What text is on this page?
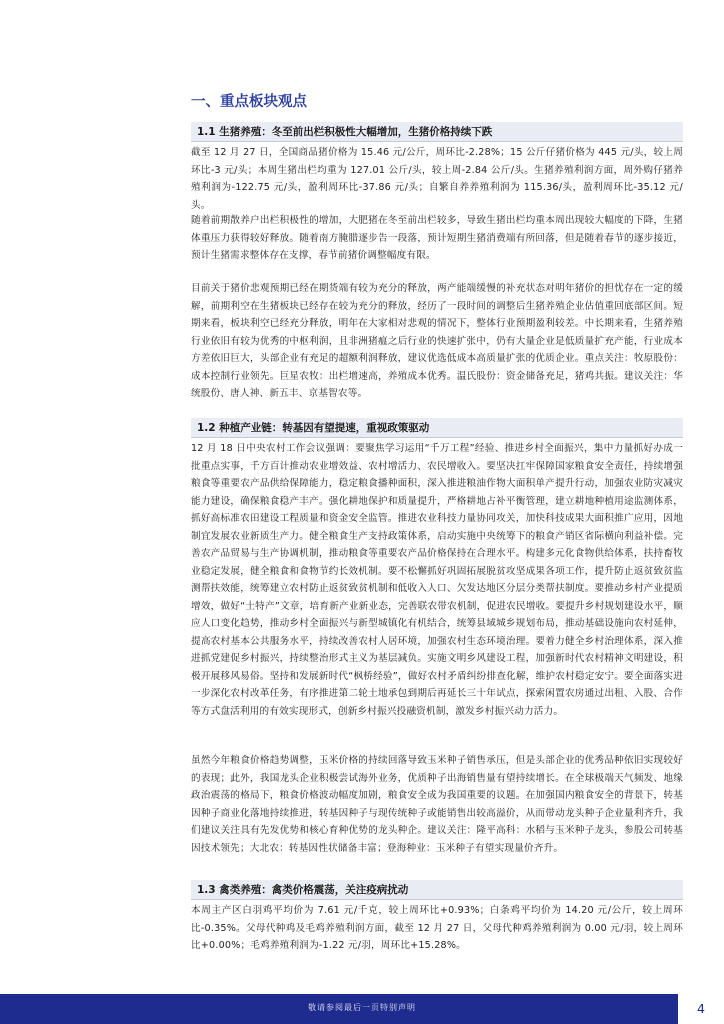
一、重点板块观点
1.1 生猪养殖：冬至前出栏积极性大幅增加，生猪价格持续下跌

截至 12 月 27 日，全国商品猪价格为 15.46 元/公斤，周环比-2.28%；15 公斤仔猪价格为 445 元/头，较上周环比-3 元/头；本周生猪出栏均重为 127.01 公斤/头，较上周-2.84 公斤/头。生猪养殖利润方面，周外购仔猪养殖利润为-122.75 元/头，盈利周环比-37.86 元/头；自繁自养养殖利润为 115.36/头，盈利周环比-35.12 元/头。

随着前期散养户出栏积极性的增加，大肥猪在冬至前出栏较多，导致生猪出栏均重本周出现较大幅度的下降，生猪体重压力获得较好释放。随着南方腌腊逐步告一段落，预计短期生猪消费端有所回落，但是随着春节的逐步接近，预计生猪需求整体存在支撑，春节前猪价调整幅度有限。

目前关于猪价悲观预期已经在期货端有较为充分的释放，两产能端缓慢的补充状态对明年猪价的担忧存在一定的缓解，前期利空在生猪板块已经存在较为充分的释放，经历了一段时间的调整后生猪养殖企业估值重回底部区间。短期来看，板块利空已经充分释放，明年在大家相对悲观的情况下，整体行业预期盈利较差。中长期来看，生猪养殖行业依旧有较为优秀的中枢利润，且非洲猪瘟之后行业的快速扩张中，仍有大量企业是低质量扩充产能，行业成本方差依旧巨大，头部企业有充足的超额利润释放，建议优选低成本高质量扩张的优质企业。重点关注：牧原股份：成本控制行业领先。巨星农牧：出栏增速高，养殖成本优秀。温氏股份：资金储备充足，猪鸡共振。建议关注：华统股份、唐人神、新五丰、京基智农等。

1.2 种植产业链：转基因有望提速，重视政策驱动

12 月 18 日中央农村工作会议强调：要聚焦学习运用“千万工程”经验、推进乡村全面振兴，集中力量抓好办成一批重点实事，千方百计推动农业增效益、农村增活力、农民增收入。要坚决扛牢保障国家粮食安全责任，持续增强粮食等重要农产品供给保障能力，稳定粮食播种面积，深入推进粮油作物大面积单产提升行动，加强农业防灾减灾能力建设，确保粮食稳产丰产。强化耕地保护和质量提升，严格耕地占补平衡管理，建立耕地种植用途监测体系，抓好高标准农田建设工程质量和资金安全监管。推进农业科技力量协同攻关，加快科技成果大面积推广应用，因地制宜发展农业新质生产力。健全粮食生产支持政策体系，启动实施中央统筹下的粮食产销区省际横向利益补偿。完善农产品贸易与生产协调机制，推动粮食等重要农产品价格保持在合理水平。构建多元化食物供给体系，扶持畜牧业稳定发展，健全粮食和食物节约长效机制。要不松懈抓好巩固拓展脱贫攻坚成果各项工作，提升防止返贫致贫监测帮扶效能，统筹建立农村防止返贫致贫机制和低收入人口、欠发达地区分层分类帮扶制度。要推动乡村产业提质增效，做好“土特产”文章，培育新产业新业态，完善联农带农机制，促进农民增收。要提升乡村规划建设水平，顺应人口变化趋势，推动乡村全面振兴与新型城镇化有机结合，统筹县域城乡规划布局，推动基础设施向农村延伸，提高农村基本公共服务水平，持续改善农村人居环境，加强农村生态环境治理。要着力健全乡村治理体系，深入推进抓党建促乡村振兴，持续整治形式主义为基层减负。实施文明乡风建设工程，加强新时代农村精神文明建设，积极开展移风易俗。坚持和发展新时代“枫桥经验”，做好农村矛盾纠纷排查化解，维护农村稳定安宁。要全面落实进一步深化农村改革任务，有序推进第二轮土地承包到期后再延长三十年试点，探索闲置农房通过出租、入股、合作等方式盘活利用的有效实现形式，创新乡村振兴投融资机制，激发乡村振兴动力活力。

虽然今年粮食价格趋势调整，玉米价格的持续回落导致玉米种子销售承压，但是头部企业的优秀品种依旧实现较好的表现；此外，我国龙头企业积极尝试海外业务，优质种子出海销售量有望持续增长。在全球极端天气频发、地缘政治震荡的格局下，粮食价格波动幅度加剧，粮食安全成为我国重要的议题。在加强国内粮食安全的背景下，转基因种子商业化落地持续推进，转基因种子与现传统种子或能销售出较高溢价，从而带动龙头种子企业量利齐升，我们建议关注具有先发优势和核心育种优势的龙头种企。建议关注：隆平高科：水稻与玉米种子龙头，参股公司转基因技术领先；大北农：转基因性状储备丰富；登海种业：玉米种子有望实现量价齐升。

1.3 禽类养殖：禽类价格震荡，关注疫病扰动

本周主产区白羽鸡平均价为 7.61 元/千克，较上周环比+0.93%；白条鸡平均价为 14.20 元/公斤，较上周环比-0.35%。父母代种鸡及毛鸡养殖利润方面，截至 12 月 27 日，父母代种鸡养殖利润为 0.00 元/羽，较上周环比+0.00%；毛鸡养殖利润为-1.22 元/羽，周环比+15.28%。

敬请参阅最后一页特别声明	4
